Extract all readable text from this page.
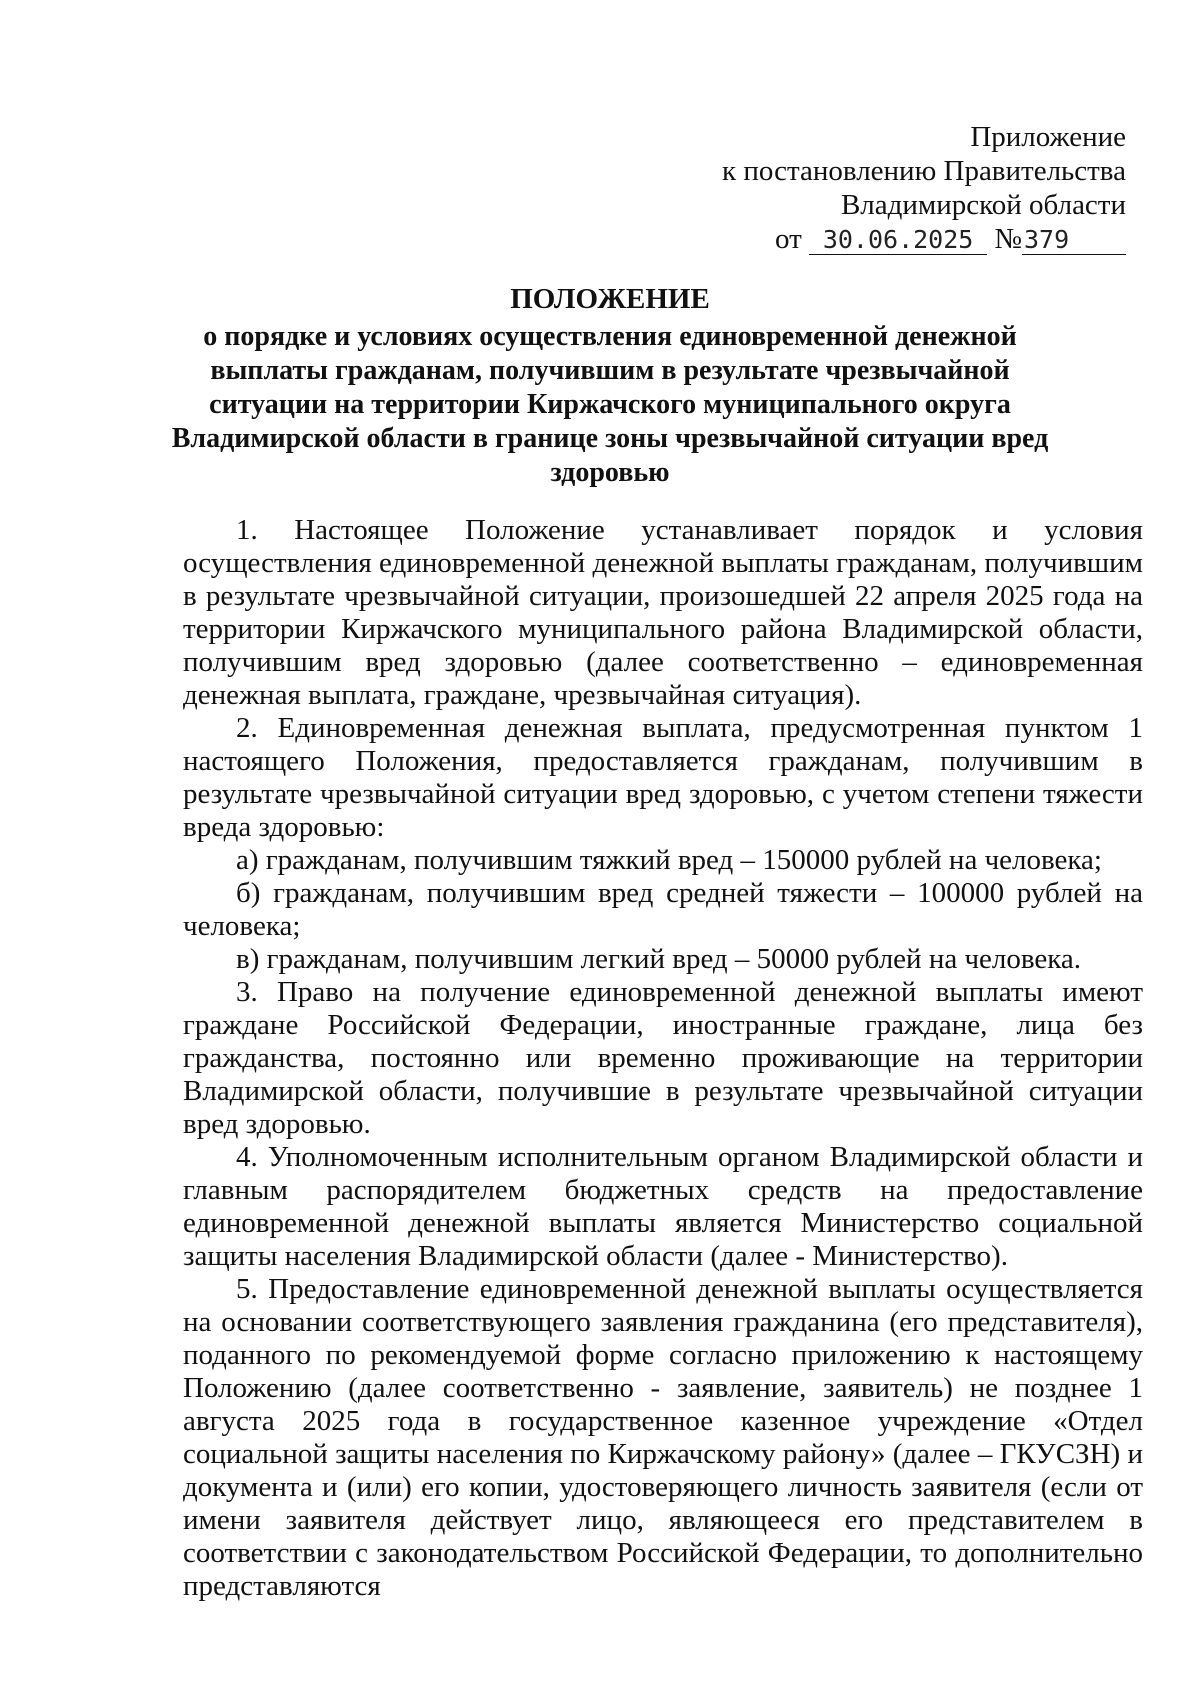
Приложение
к постановлению Правительства
Владимирской области
от 30.06.2025 №379
ПОЛОЖЕНИЕ
о порядке и условиях осуществления единовременной денежной выплаты гражданам, получившим в результате чрезвычайной ситуации на территории Киржачского муниципального округа Владимирской области в границе зоны чрезвычайной ситуации вред здоровью

1. Настоящее Положение устанавливает порядок и условия осуществления единовременной денежной выплаты гражданам, получившим в результате чрезвычайной ситуации, произошедшей 22 апреля 2025 года на территории Киржачского муниципального района Владимирской области, получившим вред здоровью (далее соответственно – единовременная денежная выплата, граждане, чрезвычайная ситуация).

2. Единовременная денежная выплата, предусмотренная пунктом 1 настоящего Положения, предоставляется гражданам, получившим в результате чрезвычайной ситуации вред здоровью, с учетом степени тяжести вреда здоровью:

а) гражданам, получившим тяжкий вред – 150000 рублей на человека;

б) гражданам, получившим вред средней тяжести – 100000 рублей на человека;

в) гражданам, получившим легкий вред – 50000 рублей на человека.

3. Право на получение единовременной денежной выплаты имеют граждане Российской Федерации, иностранные граждане, лица без гражданства, постоянно или временно проживающие на территории Владимирской области, получившие в результате чрезвычайной ситуации вред здоровью.

4. Уполномоченным исполнительным органом Владимирской области и главным распорядителем бюджетных средств на предоставление единовременной денежной выплаты является Министерство социальной защиты населения Владимирской области (далее - Министерство).

5. Предоставление единовременной денежной выплаты осуществляется на основании соответствующего заявления гражданина (его представителя), поданного по рекомендуемой форме согласно приложению к настоящему Положению (далее соответственно - заявление, заявитель) не позднее 1 августа 2025 года в государственное казенное учреждение «Отдел социальной защиты населения по Киржачскому району» (далее – ГКУСЗН) и документа и (или) его копии, удостоверяющего личность заявителя (если от имени заявителя действует лицо, являющееся его представителем в соответствии с законодательством Российской Федерации, то дополнительно представляются
